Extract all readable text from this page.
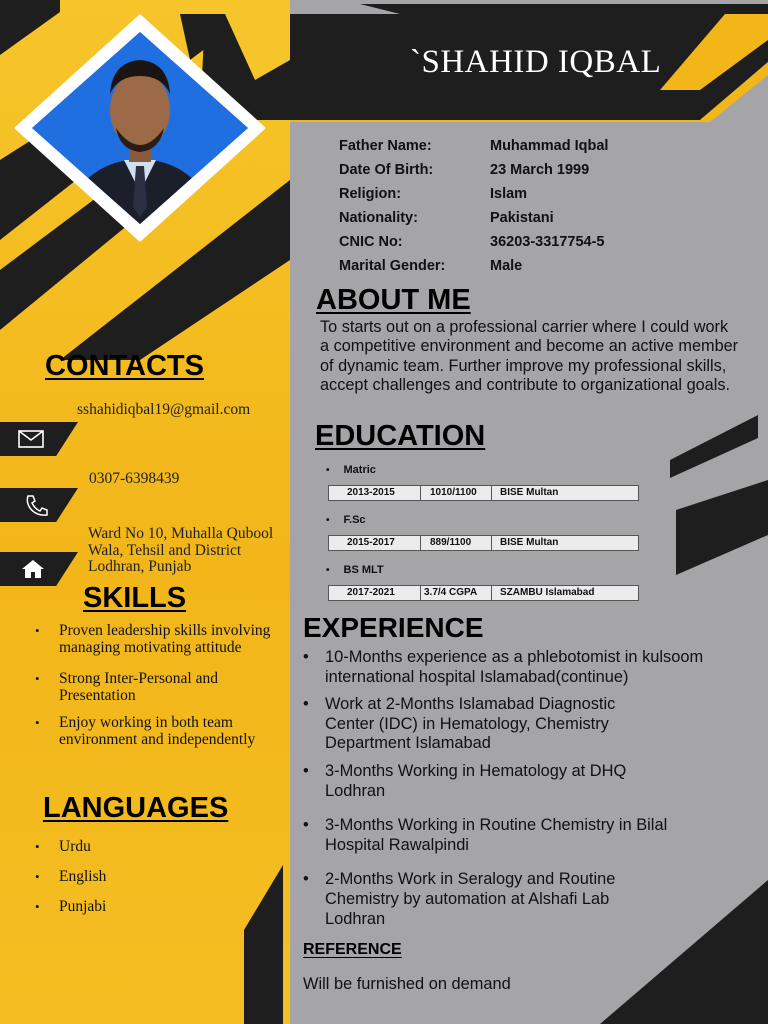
`SHAHID IQBAL
Father Name:	Muhammad Iqbal
Date Of Birth:	23 March 1999
Religion:	Islam
Nationality:	Pakistani
CNIC No:	36203-3317754-5
Marital Gender:	Male
ABOUT ME
To starts out on a professional carrier where I could work a competitive environment and become an active member of dynamic team. Further improve my professional skills, accept challenges and contribute to organizational goals.
EDUCATION
• Matric
2013-2015	1010/1100 BISE Multan
• F.Sc
2015-2017	889/1100	BISE Multan
• BS MLT
2017-2021	3.7/4 CGPA SZAMBU Islamabad
EXPERIENCE
• 10-Months experience as a phlebotomist in kulsoom international hospital Islamabad(continue)
• Work at 2-Months Islamabad Diagnostic Center (IDC) in Hematology, Chemistry Department Islamabad
• 3-Months Working in Hematology at DHQ Lodhran
• 3-Months Working in Routine Chemistry in Bilal Hospital Rawalpindi
• 2-Months Work in Seralogy and Routine Chemistry by automation at Alshafi Lab Lodhran
REFERENCE
Will be furnished on demand
CONTACTS
sshahidiqbal19@gmail.com
0307-6398439
Ward No 10, Muhalla Qubool Wala, Tehsil and District Lodhran, Punjab
SKILLS
•	Proven leadership skills involving managing motivating attitude
•	Strong Inter-Personal and Presentation
•	Enjoy working in both team environment and independently
LANGUAGES
•	Urdu
•	English
•	Punjabi
